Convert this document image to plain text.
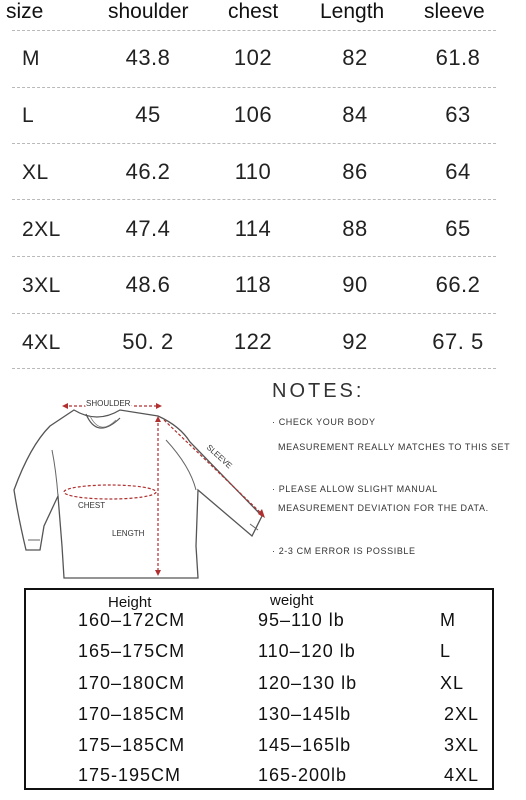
size	shoulder chest Length sleeve
M	43.8	102	82	61.8
L	45	106	84	63
XL	46.2	110	86	64
2XL	47.4	114	88	65
3XL	48.6	118	90	66.2
4XL	50. 2	122	92	67. 5
SHOULDER
SLEEVE
CHEST
LENGTH
NOTES:
· CHECK YOUR BODY
MEASUREMENT REALLY MATCHES TO THIS SET
· PLEASE ALLOW SLIGHT MANUAL
MEASUREMENT DEVIATION FOR THE DATA.
· 2-3 CM ERROR IS POSSIBLE
Height	weight
160–172CM	95–110 lb	M
165–175CM	110–120 lb	L
170–180CM	120–130 lb	XL
170–185CM	130–145lb	2XL
175–185CM	145–165lb	3XL
175-195CM	165-200lb	4XL
